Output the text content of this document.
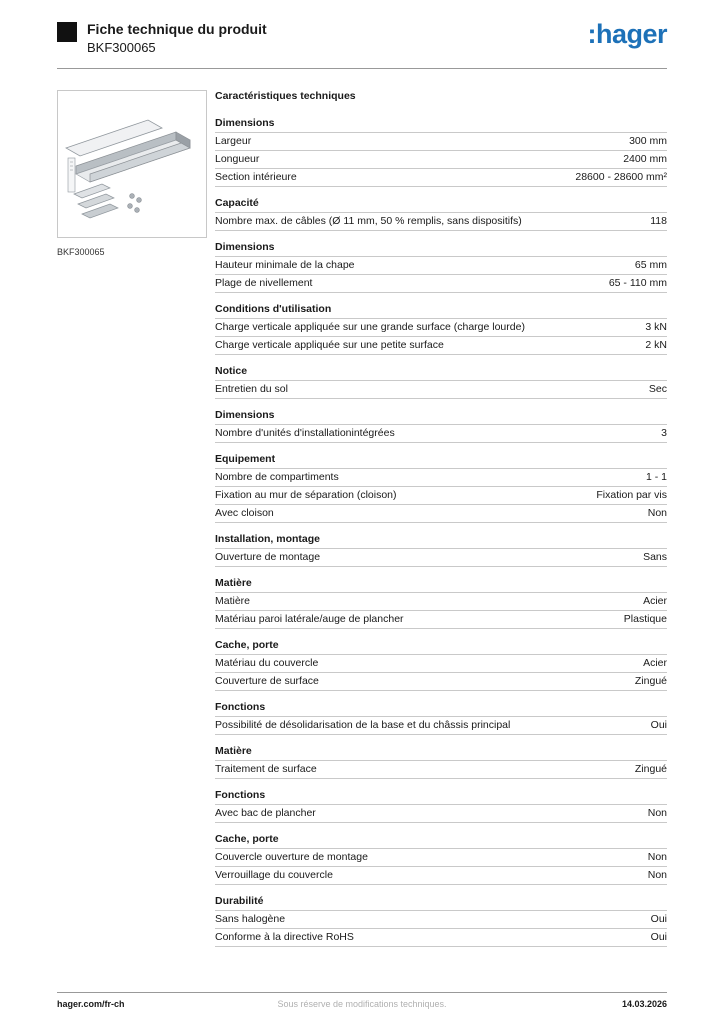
Fiche technique du produit
BKF300065	:hager
BKF300065
Caractéristiques techniques
Dimensions
Largeur	300 mm
Longueur	2400 mm
Section intérieure	28600 - 28600 mm²
Capacité
Nombre max. de câbles (Ø 11 mm, 50 % remplis, sans dispositifs)	118
Dimensions
Hauteur minimale de la chape	65 mm
Plage de nivellement	65 - 110 mm
Conditions d'utilisation
Charge verticale appliquée sur une grande surface (charge lourde)	3 kN
Charge verticale appliquée sur une petite surface	2 kN
Notice
Entretien du sol	Sec
Dimensions
Nombre d'unités d'installationintégrées	3
Equipement
Nombre de compartiments	1 - 1
Fixation au mur de séparation (cloison)	Fixation par vis
Avec cloison	Non
Installation, montage
Ouverture de montage	Sans
Matière
Matière	Acier
Matériau paroi latérale/auge de plancher	Plastique
Cache, porte
Matériau du couvercle	Acier
Couverture de surface	Zingué
Fonctions
Possibilité de désolidarisation de la base et du châssis principal	Oui
Matière
Traitement de surface	Zingué
Fonctions
Avec bac de plancher	Non
Cache, porte
Couvercle ouverture de montage	Non
Verrouillage du couvercle	Non
Durabilité
Sans halogène	Oui
Conforme à la directive RoHS	Oui
hager.com/fr-ch	Sous réserve de modifications techniques.	14.03.2026
